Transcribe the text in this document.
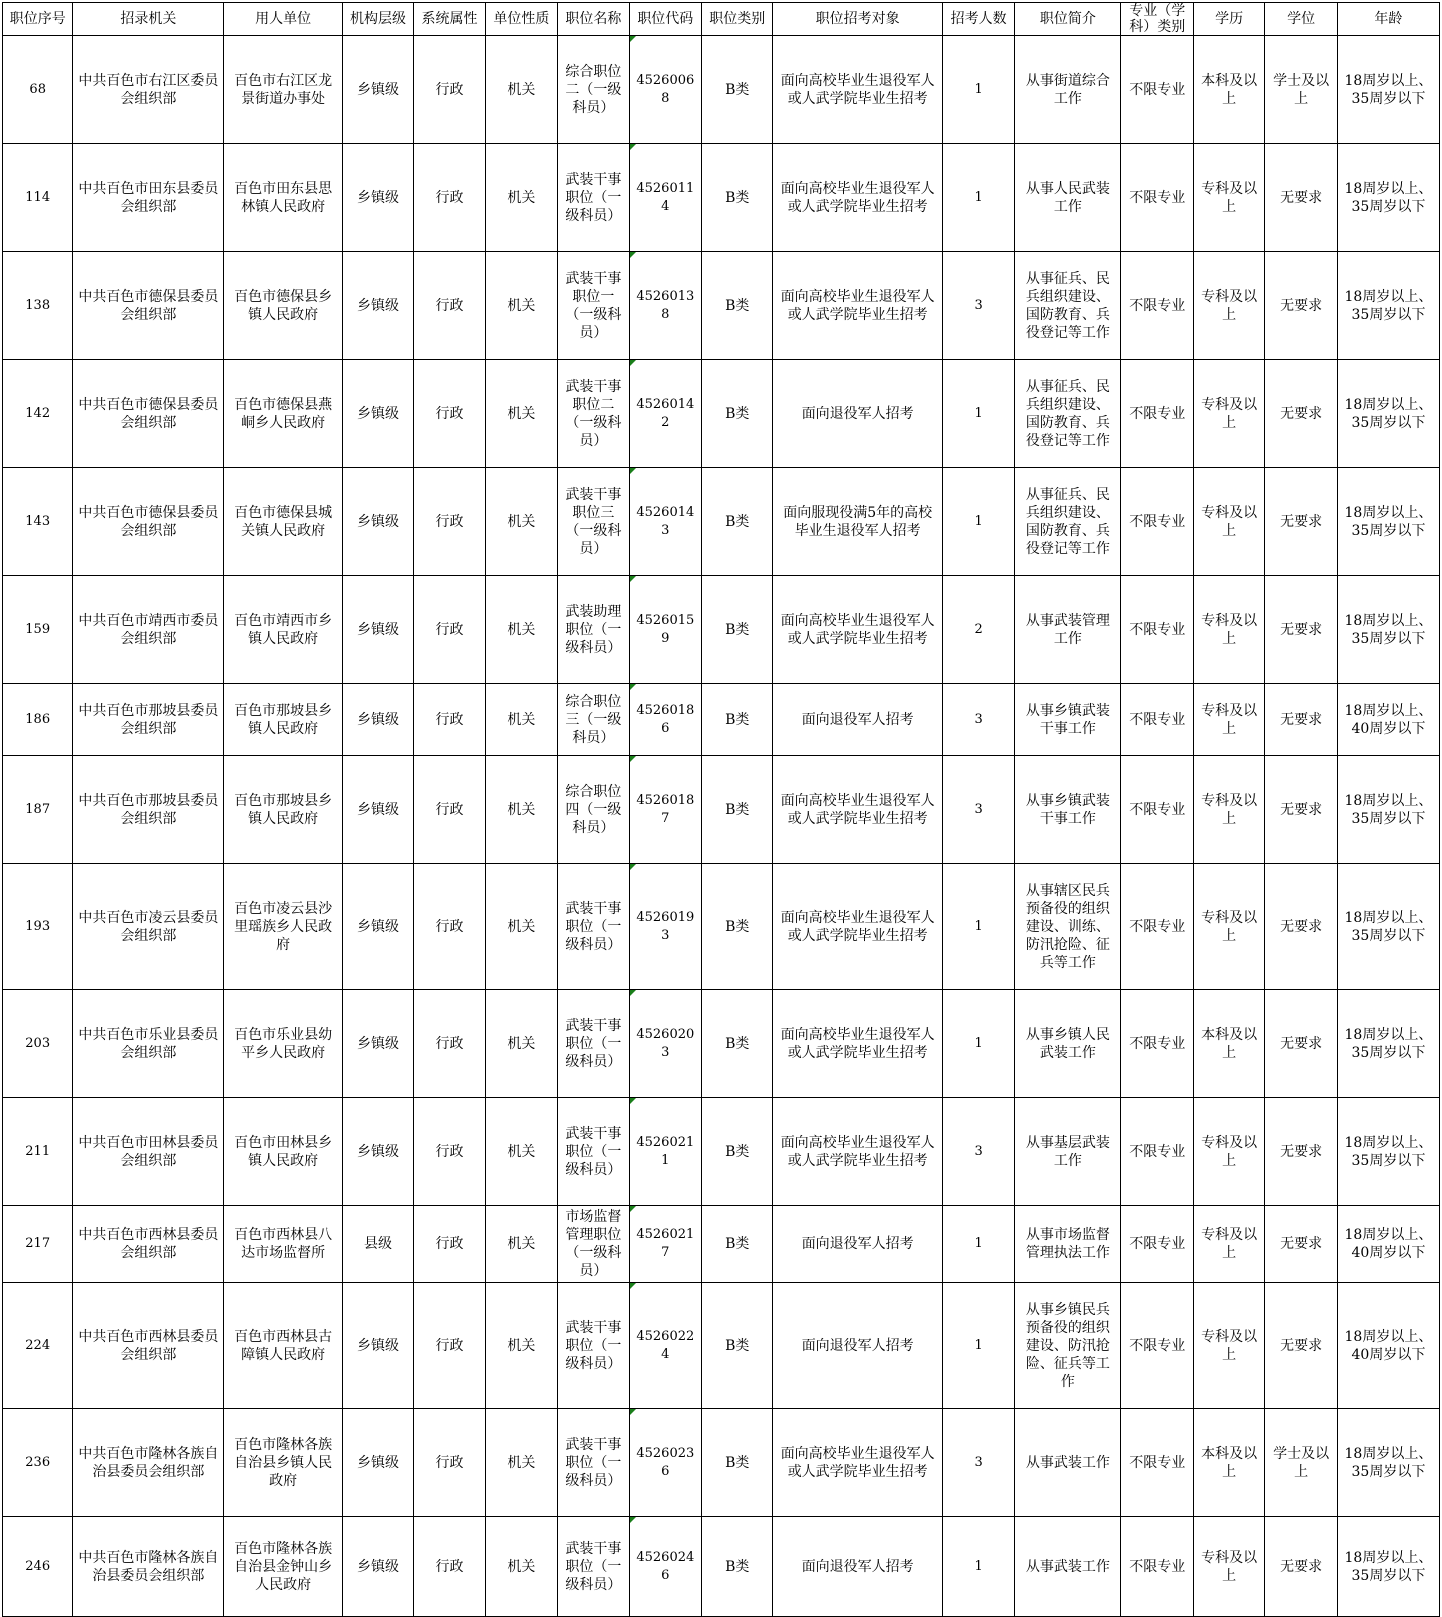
职位序号	招录机关	用人单位	机构层级	系统属性	单位性质	职位名称	职位代码	职位类别	职位招考对象	招考人数	职位简介	专业（学科）类别	学历	学位	年龄
68	中共百色市右江区委员会组织部	百色市右江区龙景街道办事处	乡镇级	行政	机关	综合职位二（一级科员）	45260068	B类	面向高校毕业生退役军人或人武学院毕业生招考	1	从事街道综合工作	不限专业	本科及以上	学士及以上	18周岁以上、35周岁以下
114	中共百色市田东县委员会组织部	百色市田东县思林镇人民政府	乡镇级	行政	机关	武装干事职位（一级科员）	45260114	B类	面向高校毕业生退役军人或人武学院毕业生招考	1	从事人民武装工作	不限专业	专科及以上	无要求	18周岁以上、35周岁以下
138	中共百色市德保县委员会组织部	百色市德保县乡镇人民政府	乡镇级	行政	机关	武装干事职位一（一级科员）	45260138	B类	面向高校毕业生退役军人或人武学院毕业生招考	3	从事征兵、民兵组织建设、国防教育、兵役登记等工作	不限专业	专科及以上	无要求	18周岁以上、35周岁以下
142	中共百色市德保县委员会组织部	百色市德保县燕峒乡人民政府	乡镇级	行政	机关	武装干事职位二（一级科员）	45260142	B类	面向退役军人招考	1	从事征兵、民兵组织建设、国防教育、兵役登记等工作	不限专业	专科及以上	无要求	18周岁以上、35周岁以下
143	中共百色市德保县委员会组织部	百色市德保县城关镇人民政府	乡镇级	行政	机关	武装干事职位三（一级科员）	45260143	B类	面向服现役满5年的高校毕业生退役军人招考	1	从事征兵、民兵组织建设、国防教育、兵役登记等工作	不限专业	专科及以上	无要求	18周岁以上、35周岁以下
159	中共百色市靖西市委员会组织部	百色市靖西市乡镇人民政府	乡镇级	行政	机关	武装助理职位（一级科员）	45260159	B类	面向高校毕业生退役军人或人武学院毕业生招考	2	从事武装管理工作	不限专业	专科及以上	无要求	18周岁以上、35周岁以下
186	中共百色市那坡县委员会组织部	百色市那坡县乡镇人民政府	乡镇级	行政	机关	综合职位三（一级科员）	45260186	B类	面向退役军人招考	3	从事乡镇武装干事工作	不限专业	专科及以上	无要求	18周岁以上、40周岁以下
187	中共百色市那坡县委员会组织部	百色市那坡县乡镇人民政府	乡镇级	行政	机关	综合职位四（一级科员）	45260187	B类	面向高校毕业生退役军人或人武学院毕业生招考	3	从事乡镇武装干事工作	不限专业	专科及以上	无要求	18周岁以上、35周岁以下
193	中共百色市凌云县委员会组织部	百色市凌云县沙里瑶族乡人民政府	乡镇级	行政	机关	武装干事职位（一级科员）	45260193	B类	面向高校毕业生退役军人或人武学院毕业生招考	1	从事辖区民兵预备役的组织建设、训练、防汛抢险、征兵等工作	不限专业	专科及以上	无要求	18周岁以上、35周岁以下
203	中共百色市乐业县委员会组织部	百色市乐业县幼平乡人民政府	乡镇级	行政	机关	武装干事职位（一级科员）	45260203	B类	面向高校毕业生退役军人或人武学院毕业生招考	1	从事乡镇人民武装工作	不限专业	本科及以上	无要求	18周岁以上、35周岁以下
211	中共百色市田林县委员会组织部	百色市田林县乡镇人民政府	乡镇级	行政	机关	武装干事职位（一级科员）	45260211	B类	面向高校毕业生退役军人或人武学院毕业生招考	3	从事基层武装工作	不限专业	专科及以上	无要求	18周岁以上、35周岁以下
217	中共百色市西林县委员会组织部	百色市西林县八达市场监督所	县级	行政	机关	市场监督管理职位（一级科员）	45260217	B类	面向退役军人招考	1	从事市场监督管理执法工作	不限专业	专科及以上	无要求	18周岁以上、40周岁以下
224	中共百色市西林县委员会组织部	百色市西林县古障镇人民政府	乡镇级	行政	机关	武装干事职位（一级科员）	45260224	B类	面向退役军人招考	1	从事乡镇民兵预备役的组织建设、防汛抢险、征兵等工作	不限专业	专科及以上	无要求	18周岁以上、40周岁以下
236	中共百色市隆林各族自治县委员会组织部	百色市隆林各族自治县乡镇人民政府	乡镇级	行政	机关	武装干事职位（一级科员）	45260236	B类	面向高校毕业生退役军人或人武学院毕业生招考	3	从事武装工作	不限专业	本科及以上	学士及以上	18周岁以上、35周岁以下
246	中共百色市隆林各族自治县委员会组织部	百色市隆林各族自治县金钟山乡人民政府	乡镇级	行政	机关	武装干事职位（一级科员）	45260246	B类	面向退役军人招考	1	从事武装工作	不限专业	专科及以上	无要求	18周岁以上、35周岁以下
